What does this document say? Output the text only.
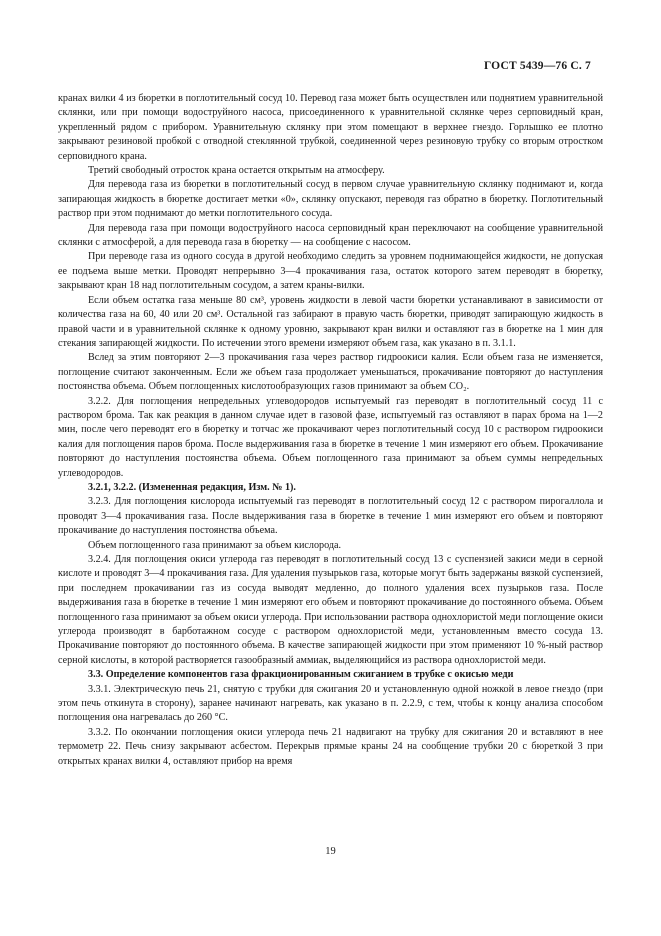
ГОСТ 5439—76 С. 7

кранах вилки 4 из бюретки в поглотительный сосуд 10. Перевод газа может быть осуществлен или поднятием уравнительной склянки, или при помощи водоструйного насоса, присоединенного к уравнительной склянке через серповидный кран, укрепленный рядом с прибором. Уравнительную склянку при этом помещают в верхнее гнездо. Горлышко ее плотно закрывают резиновой пробкой с отводной стеклянной трубкой, соединенной через резиновую трубку со вторым отростком серповидного крана.

Третий свободный отросток крана остается открытым на атмосферу.

Для перевода газа из бюретки в поглотительный сосуд в первом случае уравнительную склянку поднимают и, когда запирающая жидкость в бюретке достигает метки «0», склянку опускают, переводя газ обратно в бюретку. Поглотительный раствор при этом поднимают до метки поглотительного сосуда.

Для перевода газа при помощи водоструйного насоса серповидный кран переключают на сообщение уравнительной склянки с атмосферой, а для перевода газа в бюретку — на сообщение с насосом.

При переводе газа из одного сосуда в другой необходимо следить за уровнем поднимающейся жидкости, не допуская ее подъема выше метки. Проводят непрерывно 3—4 прокачивания газа, остаток которого затем переводят в бюретку, закрывают кран 18 над поглотительным сосудом, а затем краны-вилки.

Если объем остатка газа меньше 80 см³, уровень жидкости в левой части бюретки устанавливают в зависимости от количества газа на 60, 40 или 20 см³. Остальной газ забирают в правую часть бюретки, приводят запирающую жидкость в правой части и в уравнительной склянке к одному уровню, закрывают кран вилки и оставляют газ в бюретке на 1 мин для стекания запирающей жидкости. По истечении этого времени измеряют объем газа, как указано в п. 3.1.1.

Вслед за этим повторяют 2—3 прокачивания газа через раствор гидроокиси калия. Если объем газа не изменяется, поглощение считают законченным. Если же объем газа продолжает уменьшаться, прокачивание повторяют до наступления постоянства объема. Объем поглощенных кислотообразующих газов принимают за объем CO₂.

3.2.2. Для поглощения непредельных углеводородов испытуемый газ переводят в поглотительный сосуд 11 с раствором брома. Так как реакция в данном случае идет в газовой фазе, испытуемый газ оставляют в парах брома на 1—2 мин, после чего переводят его в бюретку и тотчас же прокачивают через поглотительный сосуд 10 с раствором гидроокиси калия для поглощения паров брома. После выдерживания газа в бюретке в течение 1 мин измеряют его объем. Прокачивание повторяют до наступления постоянства объема. Объем поглощенного газа принимают за объем суммы непредельных углеводородов.

3.2.1, 3.2.2. (Измененная редакция, Изм. № 1).

3.2.3. Для поглощения кислорода испытуемый газ переводят в поглотительный сосуд 12 с раствором пирогаллола и проводят 3—4 прокачивания газа. После выдерживания газа в бюретке в течение 1 мин измеряют его объем и повторяют прокачивание до наступления постоянства объема.

Объем поглощенного газа принимают за объем кислорода.

3.2.4. Для поглощения окиси углерода газ переводят в поглотительный сосуд 13 с суспензией закиси меди в серной кислоте и проводят 3—4 прокачивания газа. Для удаления пузырьков газа, которые могут быть задержаны вязкой суспензией, при последнем прокачивании газ из сосуда выводят медленно, до полного удаления всех пузырьков газа. После выдерживания газа в бюретке в течение 1 мин измеряют его объем и повторяют прокачивание до постоянного объема. Объем поглощенного газа принимают за объем окиси углерода. При использовании раствора однохлористой меди поглощение окиси углерода производят в барботажном сосуде с раствором однохлористой меди, установленным вместо сосуда 13. Прокачивание повторяют до постоянного объема. В качестве запирающей жидкости при этом применяют 10 %-ный раствор серной кислоты, в которой растворяется газообразный аммиак, выделяющийся из раствора однохлористой меди.

3.3. Определение компонентов газа фракционированным сжиганием в трубке с окисью меди

3.3.1. Электрическую печь 21, снятую с трубки для сжигания 20 и установленную одной ножкой в левое гнездо (при этом печь откинута в сторону), заранее начинают нагревать, как указано в п. 2.2.9, с тем, чтобы к концу анализа способом поглощения она нагревалась до 260 °С.

3.3.2. По окончании поглощения окиси углерода печь 21 надвигают на трубку для сжигания 20 и вставляют в нее термометр 22. Печь снизу закрывают асбестом. Перекрыв прямые краны 24 на сообщение трубки 20 с бюреткой 3 при открытых кранах вилки 4, оставляют прибор на время

19
